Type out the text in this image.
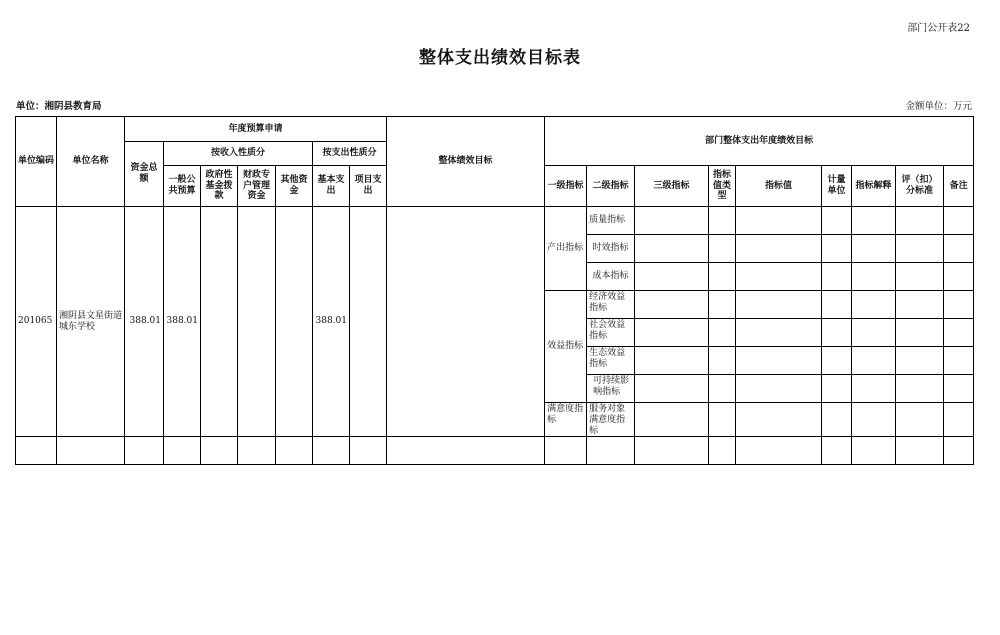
部门公开表22
整体支出绩效目标表
单位：湘阴县教育局	金额单位：万元
单位编码	单位名称	年度预算申请							整体绩效目标	部门整体支出年度绩效目标								
		资金总额	按收入性质分				按支出性质分											
			一般公共预算	政府性基金拨款	财政专户管理资金	其他资金	基本支出	项目支出		一级指标	二级指标	三级指标	指标值类型	指标值	计量单位	指标解释	评（扣）分标准	备注
201065	湘阴县文星街道城东学校	388.01	388.01				388.01			产出指标	质量指标							
											时效指标							
											成本指标							
										效益指标	经济效益指标							
											社会效益指标							
											生态效益指标							
											可持续影响指标							
										满意度指标	服务对象满意度指标							
